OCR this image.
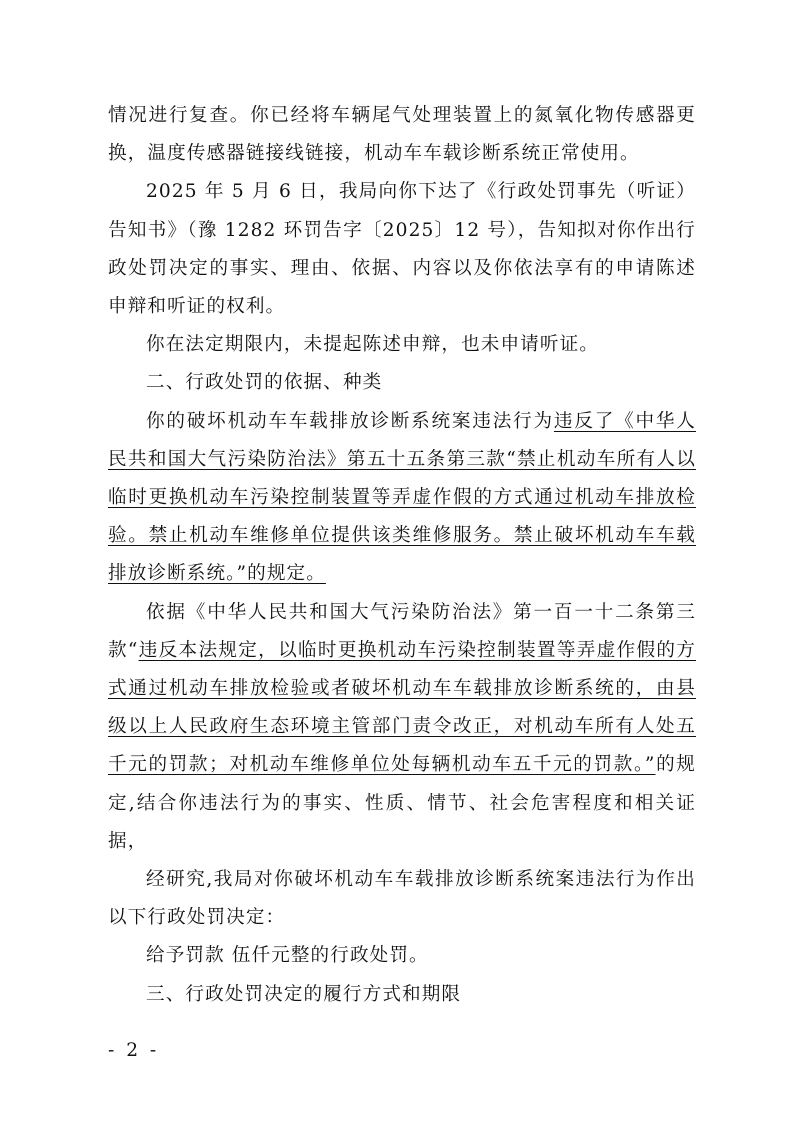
情况进行复查。你已经将车辆尾气处理装置上的氮氧化物传感器更换，温度传感器链接线链接，机动车车载诊断系统正常使用。

2025 年 5 月 6 日，我局向你下达了《行政处罚事先（听证）告知书》（豫 1282 环罚告字〔2025〕12 号），告知拟对你作出行政处罚决定的事实、理由、依据、内容以及你依法享有的申请陈述申辩和听证的权利。

你在法定期限内，未提起陈述申辩，也未申请听证。

二、行政处罚的依据、种类

你的破坏机动车车载排放诊断系统案违法行为违反了《中华人民共和国大气污染防治法》第五十五条第三款“禁止机动车所有人以临时更换机动车污染控制装置等弄虚作假的方式通过机动车排放检验。禁止机动车维修单位提供该类维修服务。禁止破坏机动车车载排放诊断系统。”的规定。

依据《中华人民共和国大气污染防治法》第一百一十二条第三款“违反本法规定，以临时更换机动车污染控制装置等弄虚作假的方式通过机动车排放检验或者破坏机动车车载排放诊断系统的，由县级以上人民政府生态环境主管部门责令改正，对机动车所有人处五千元的罚款；对机动车维修单位处每辆机动车五千元的罚款。”的规定,结合你违法行为的事实、性质、情节、社会危害程度和相关证据，

经研究,我局对你破坏机动车车载排放诊断系统案违法行为作出以下行政处罚决定：

给予罚款 伍仟元整的行政处罚。

三、行政处罚决定的履行方式和期限

- 2 -
